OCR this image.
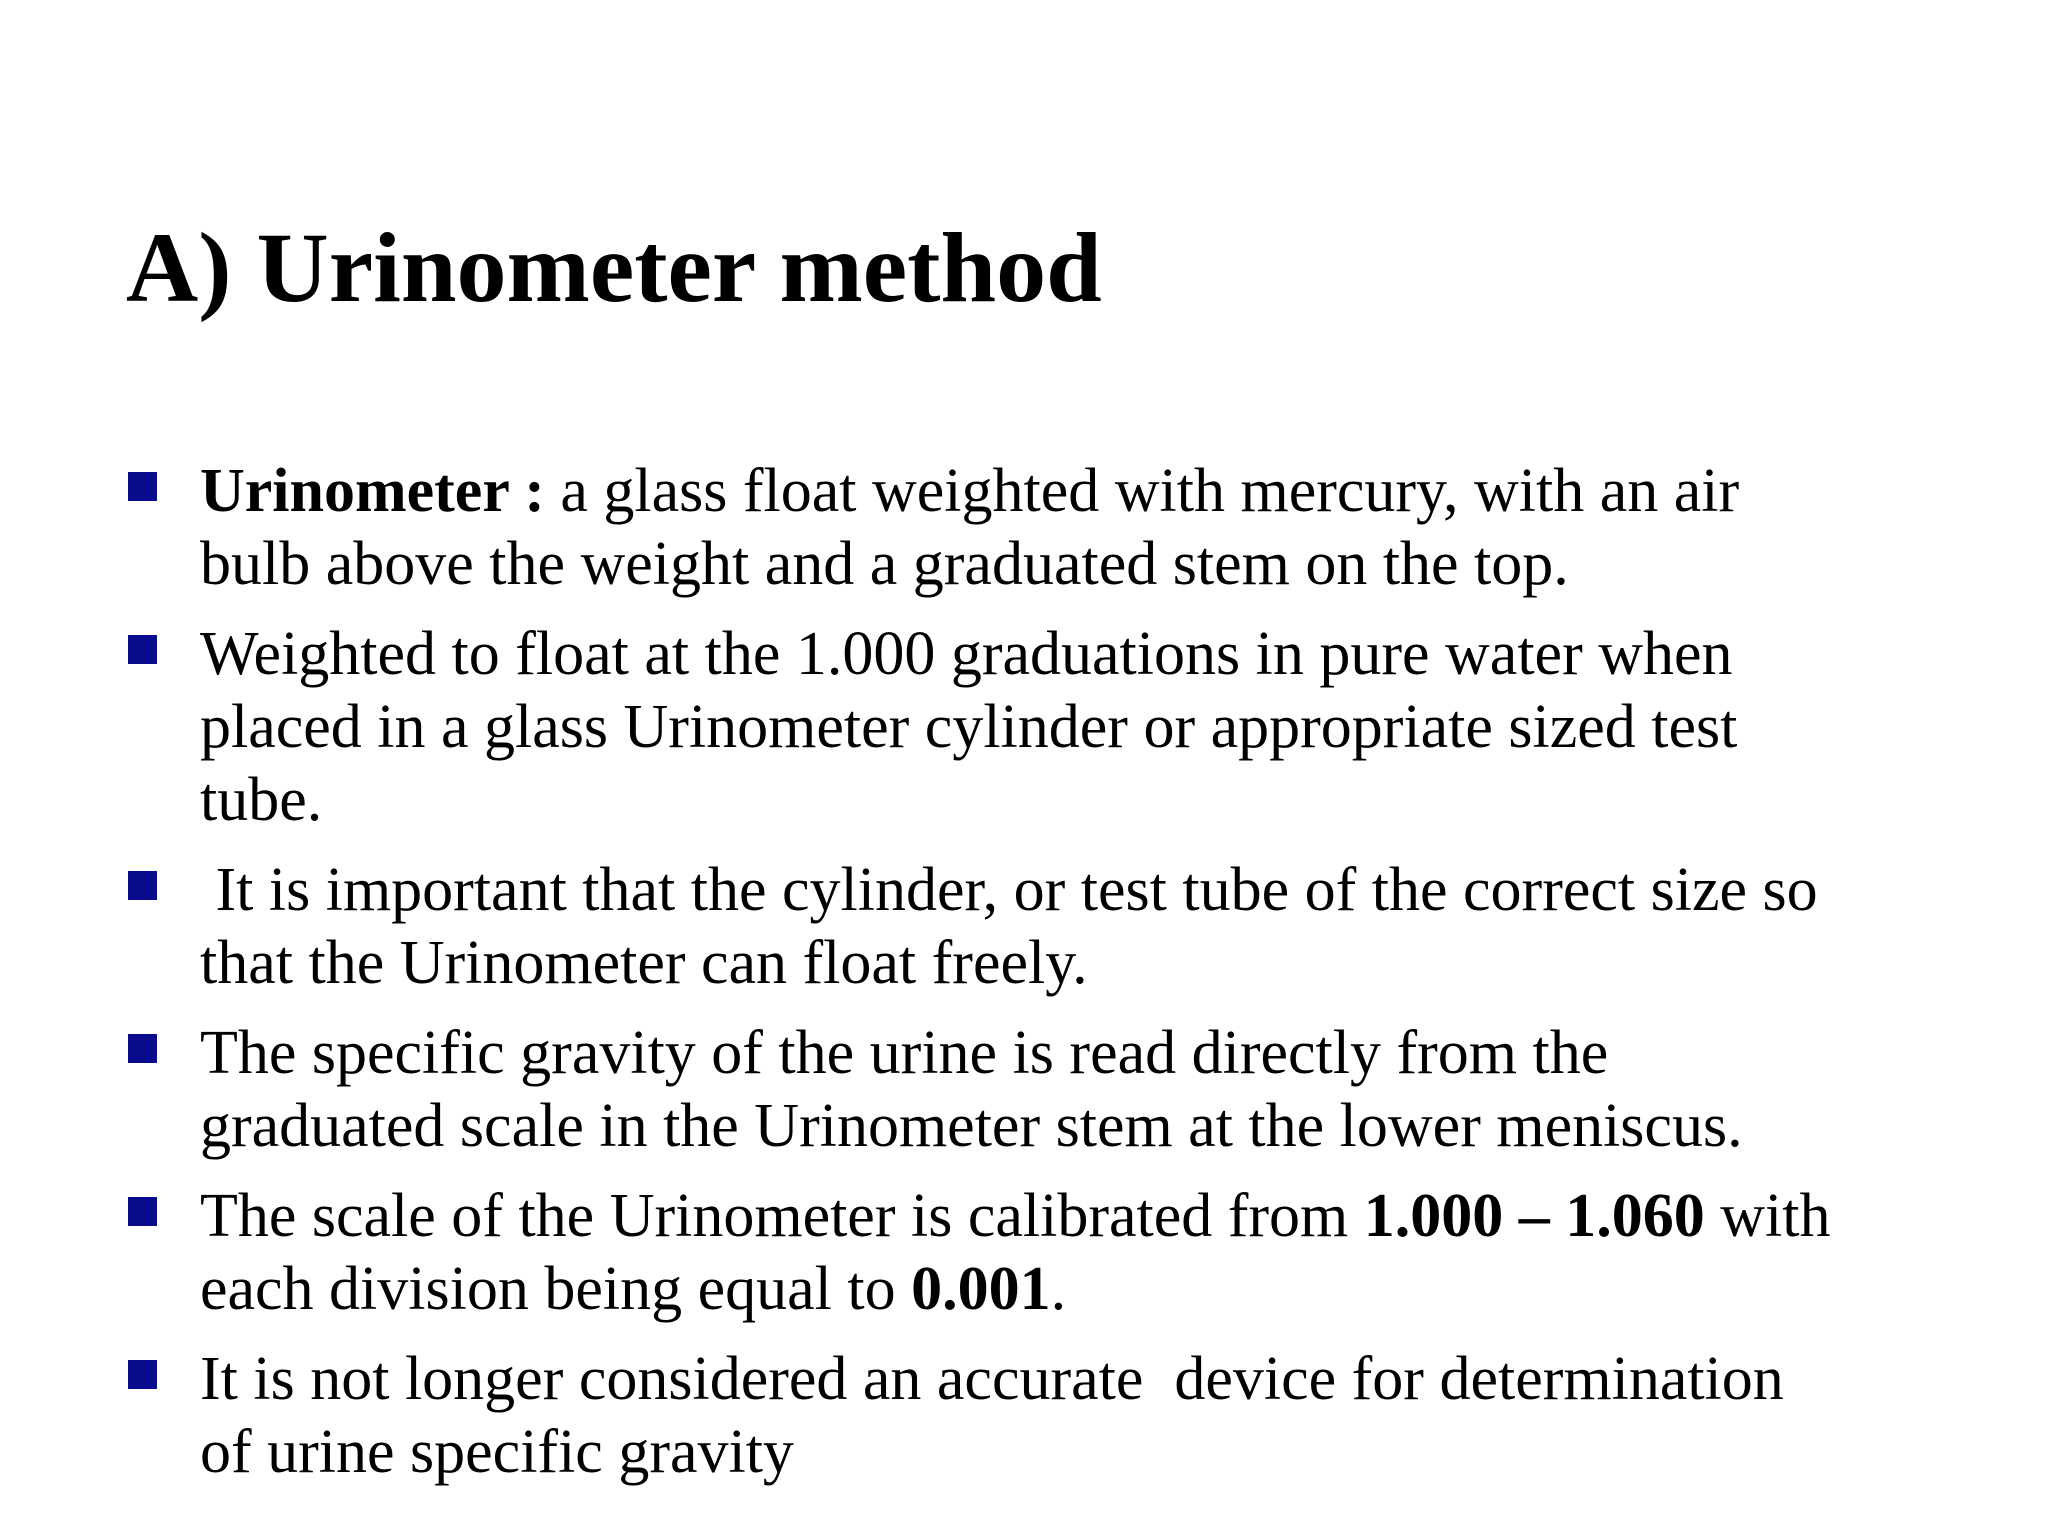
A) Urinometer method
Urinometer : a glass float weighted with mercury, with an air bulb above the weight and a graduated stem on the top.
Weighted to float at the 1.000 graduations in pure water when placed in a glass Urinometer cylinder or appropriate sized test tube.
It is important that the cylinder, or test tube of the correct size so that the Urinometer can float freely.
The specific gravity of the urine is read directly from the graduated scale in the Urinometer stem at the lower meniscus.
The scale of the Urinometer is calibrated from 1.000 – 1.060 with each division being equal to 0.001.
It is not longer considered an accurate  device for determination of urine specific gravity
